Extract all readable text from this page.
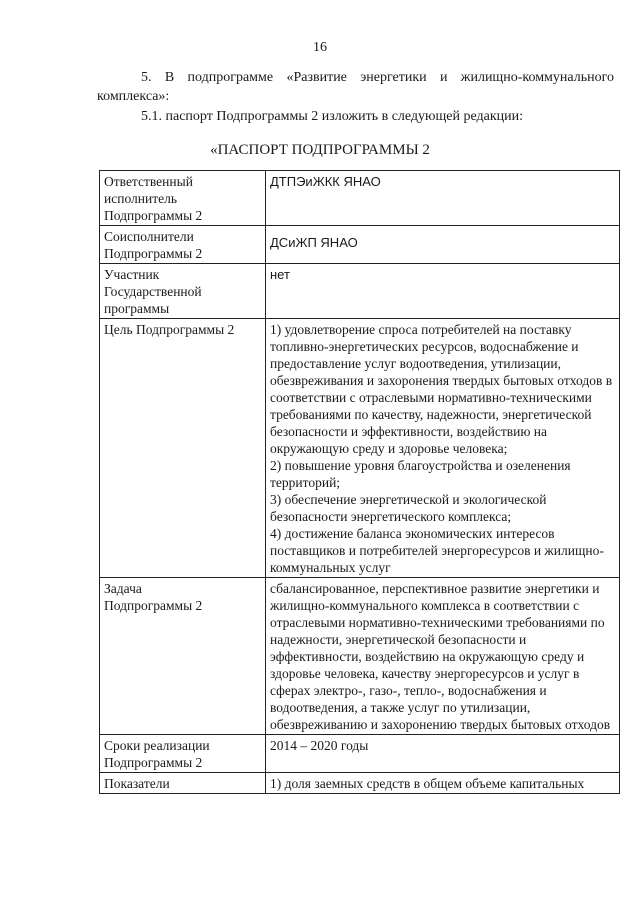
16

5. В подпрограмме «Развитие энергетики и жилищно-коммунального комплекса»:

5.1. паспорт Подпрограммы 2 изложить в следующей редакции:

«ПАСПОРТ ПОДПРОГРАММЫ 2
Ответственный
исполнитель
Подпрограммы 2	ДТПЭиЖКК ЯНАО
Соисполнители
Подпрограммы 2	ДСиЖП ЯНАО
Участник
Государственной
программы	нет
Цель Подпрограммы 2	1) удовлетворение спроса потребителей на поставку топливно-энергетических ресурсов, водоснабжение и предоставление услуг водоотведения, утилизации, обезвреживания и захоронения твердых бытовых отходов в соответствии с отраслевыми нормативно-техническими требованиями по качеству, надежности, энергетической безопасности и эффективности, воздействию на окружающую среду и здоровье человека;
2) повышение уровня благоустройства и озеленения территорий;
3) обеспечение энергетической и экологической безопасности энергетического комплекса;
4) достижение баланса экономических интересов поставщиков и потребителей энергоресурсов и жилищно-коммунальных услуг
Задача
Подпрограммы 2	сбалансированное, перспективное развитие энергетики и жилищно-коммунального комплекса в соответствии с отраслевыми нормативно-техническими требованиями по надежности, энергетической безопасности и эффективности, воздействию на окружающую среду и здоровье человека, качеству энергоресурсов и услуг в сферах электро-, газо-, тепло-, водоснабжения и водоотведения, а также услуг по утилизации, обезвреживанию и захоронению твердых бытовых отходов
Сроки реализации
Подпрограммы 2	2014 – 2020 годы
Показатели	1) доля заемных средств в общем объеме капитальных
